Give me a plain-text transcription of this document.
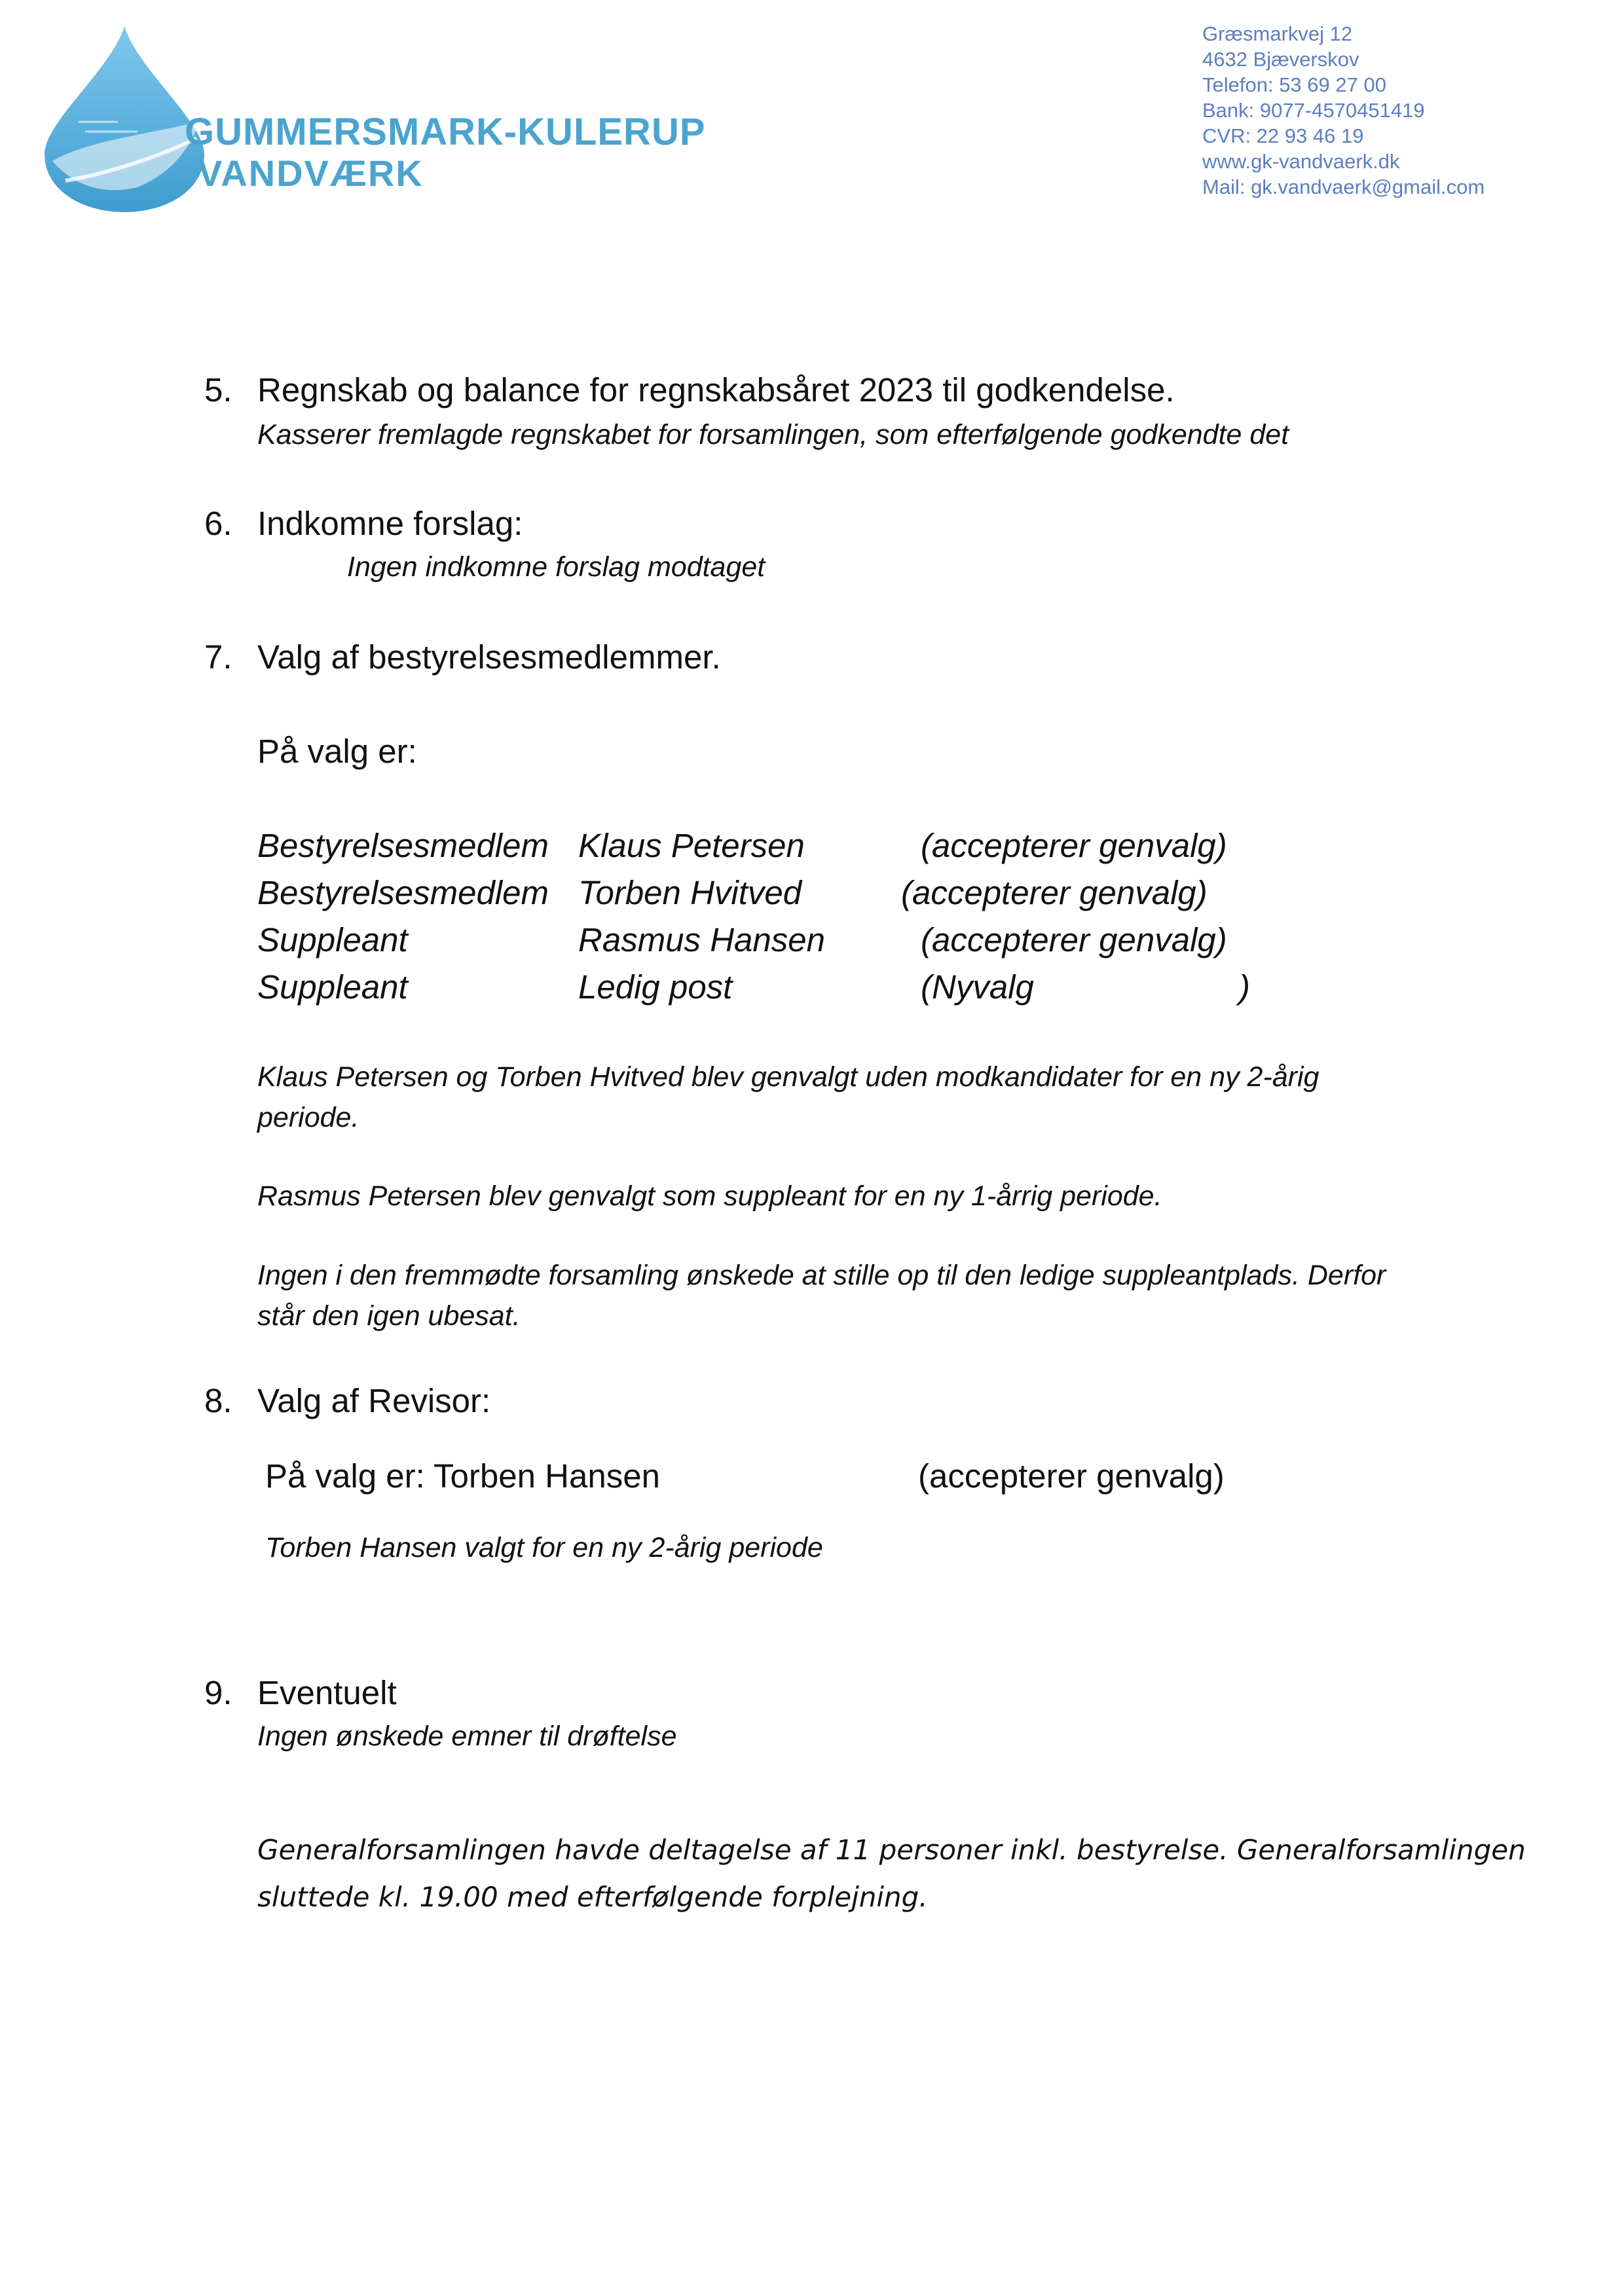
GUMMERSMARK-KULERUP
VANDVÆRK
Græsmarkvej 12
4632 Bjæverskov
Telefon: 53 69 27 00
Bank: 9077-4570451419
CVR: 22 93 46 19
www.gk-vandvaerk.dk
Mail: gk.vandvaerk@gmail.com
5. Regnskab og balance for regnskabsåret 2023 til godkendelse.
Kasserer fremlagde regnskabet for forsamlingen, som efterfølgende godkendte det
6. Indkomne forslag:
Ingen indkomne forslag modtaget
7. Valg af bestyrelsesmedlemmer.
På valg er:
Bestyrelsesmedlem Klaus Petersen	(accepterer genvalg)
Bestyrelsesmedlem Torben Hvitved	(accepterer genvalg)
Suppleant	Rasmus Hansen	(accepterer genvalg)
Suppleant	Ledig post	(Nyvalg	)
Klaus Petersen og Torben Hvitved blev genvalgt uden modkandidater for en ny 2-årig
periode.
Rasmus Petersen blev genvalgt som suppleant for en ny 1-årrig periode.
Ingen i den fremmødte forsamling ønskede at stille op til den ledige suppleantplads. Derfor
står den igen ubesat.
8. Valg af Revisor:
På valg er: Torben Hansen	(accepterer genvalg)
Torben Hansen valgt for en ny 2-årig periode
9. Eventuelt
Ingen ønskede emner til drøftelse
Generalforsamlingen havde deltagelse af 11 personer inkl. bestyrelse. Generalforsamlingen
sluttede kl. 19.00 med efterfølgende forplejning.
